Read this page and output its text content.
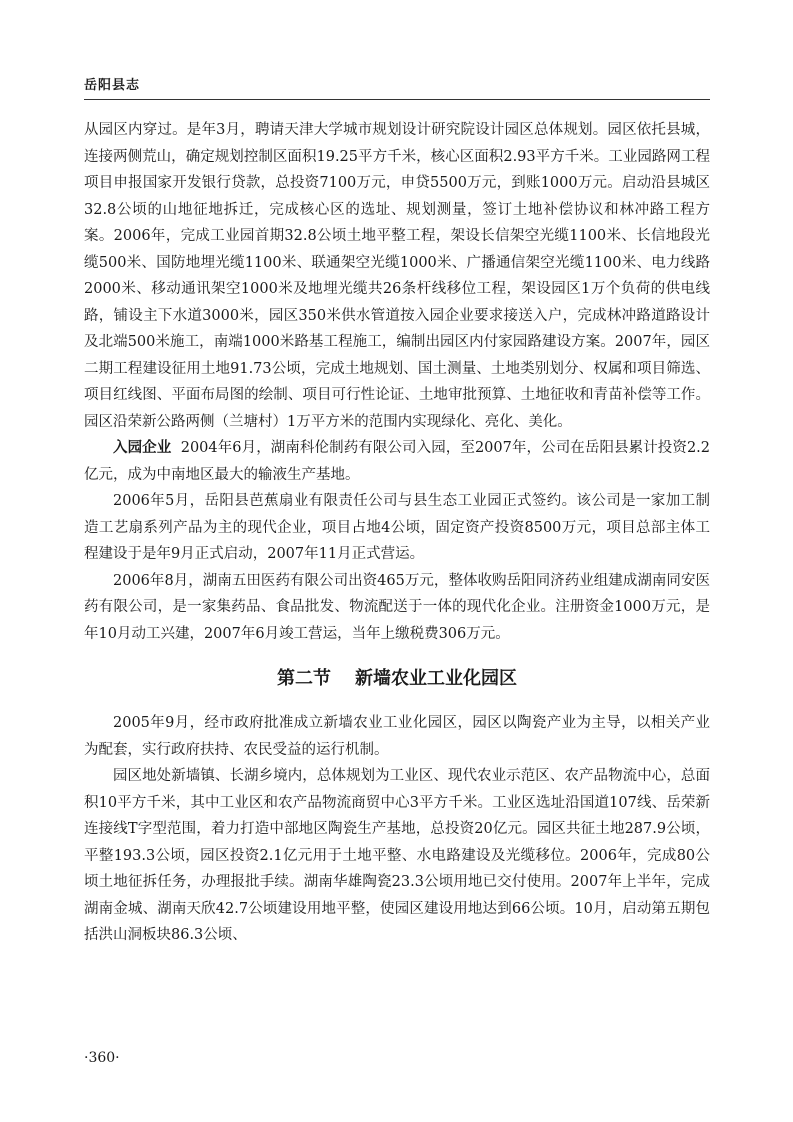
岳阳县志

从园区内穿过。是年3月，聘请天津大学城市规划设计研究院设计园区总体规划。园区依托县城，连接两侧荒山，确定规划控制区面积19.25平方千米，核心区面积2.93平方千米。工业园路网工程项目申报国家开发银行贷款，总投资7100万元，申贷5500万元，到账1000万元。启动沿县城区32.8公顷的山地征地拆迁，完成核心区的选址、规划测量，签订土地补偿协议和林冲路工程方案。2006年，完成工业园首期32.8公顷土地平整工程，架设长信架空光缆1100米、长信地段光缆500米、国防地埋光缆1100米、联通架空光缆1000米、广播通信架空光缆1100米、电力线路2000米、移动通讯架空1000米及地埋光缆共26条杆线移位工程，架设园区1万个负荷的供电线路，铺设主下水道3000米，园区350米供水管道按入园企业要求接送入户，完成林冲路道路设计及北端500米施工，南端1000米路基工程施工，编制出园区内付家园路建设方案。2007年，园区二期工程建设征用土地91.73公顷，完成土地规划、国土测量、土地类别划分、权属和项目筛选、项目红线图、平面布局图的绘制、项目可行性论证、土地审批预算、土地征收和青苗补偿等工作。园区沿荣新公路两侧（兰塘村）1万平方米的范围内实现绿化、亮化、美化。

入园企业 2004年6月，湖南科伦制药有限公司入园，至2007年，公司在岳阳县累计投资2.2亿元，成为中南地区最大的输液生产基地。

2006年5月，岳阳县芭蕉扇业有限责任公司与县生态工业园正式签约。该公司是一家加工制造工艺扇系列产品为主的现代企业，项目占地4公顷，固定资产投资8500万元，项目总部主体工程建设于是年9月正式启动，2007年11月正式营运。

2006年8月，湖南五田医药有限公司出资465万元，整体收购岳阳同济药业组建成湖南同安医药有限公司，是一家集药品、食品批发、物流配送于一体的现代化企业。注册资金1000万元，是年10月动工兴建，2007年6月竣工营运，当年上缴税费306万元。

第二节 新墙农业工业化园区

2005年9月，经市政府批准成立新墙农业工业化园区，园区以陶瓷产业为主导，以相关产业为配套，实行政府扶持、农民受益的运行机制。

园区地处新墙镇、长湖乡境内，总体规划为工业区、现代农业示范区、农产品物流中心，总面积10平方千米，其中工业区和农产品物流商贸中心3平方千米。工业区选址沿国道107线、岳荣新连接线T字型范围，着力打造中部地区陶瓷生产基地，总投资20亿元。园区共征土地287.9公顷，平整193.3公顷，园区投资2.1亿元用于土地平整、水电路建设及光缆移位。2006年，完成80公顷土地征拆任务，办理报批手续。湖南华雄陶瓷23.3公顷用地已交付使用。2007年上半年，完成湖南金城、湖南天欣42.7公顷建设用地平整，使园区建设用地达到66公顷。10月，启动第五期包括洪山洞板块86.3公顷、

·360·
